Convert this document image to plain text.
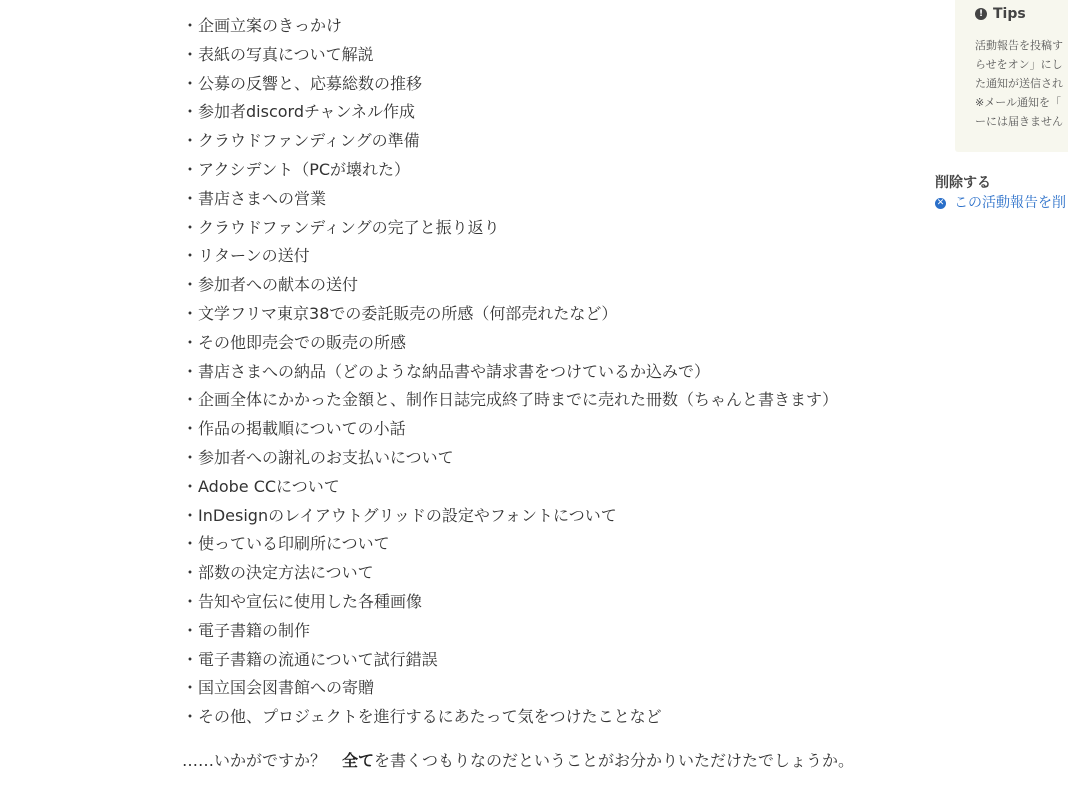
・企画立案のきっかけ
・表紙の写真について解説
・公募の反響と、応募総数の推移
・参加者discordチャンネル作成
・クラウドファンディングの準備
・アクシデント（PCが壊れた）
・書店さまへの営業
・クラウドファンディングの完了と振り返り
・リターンの送付
・参加者への献本の送付
・文学フリマ東京38での委託販売の所感（何部売れたなど）
・その他即売会での販売の所感
・書店さまへの納品（どのような納品書や請求書をつけているか込みで）
・企画全体にかかった金額と、制作日誌完成終了時までに売れた冊数（ちゃんと書きます）
・作品の掲載順についての小話
・参加者への謝礼のお支払いについて
・Adobe CCについて
・InDesignのレイアウトグリッドの設定やフォントについて
・使っている印刷所について
・部数の決定方法について
・告知や宣伝に使用した各種画像
・電子書籍の制作
・電子書籍の流通について試行錯誤
・国立国会図書館への寄贈
・その他、プロジェクトを進行するにあたって気をつけたことなど

……いかがですか？　全てを書くつもりなのだということがお分かりいただけたでしょうか。

! Tips
活動報告を投稿す
らせをオン」にし
た通知が送信され
※メール通知を「
ーには届きません
削除する
✕ この活動報告を削
